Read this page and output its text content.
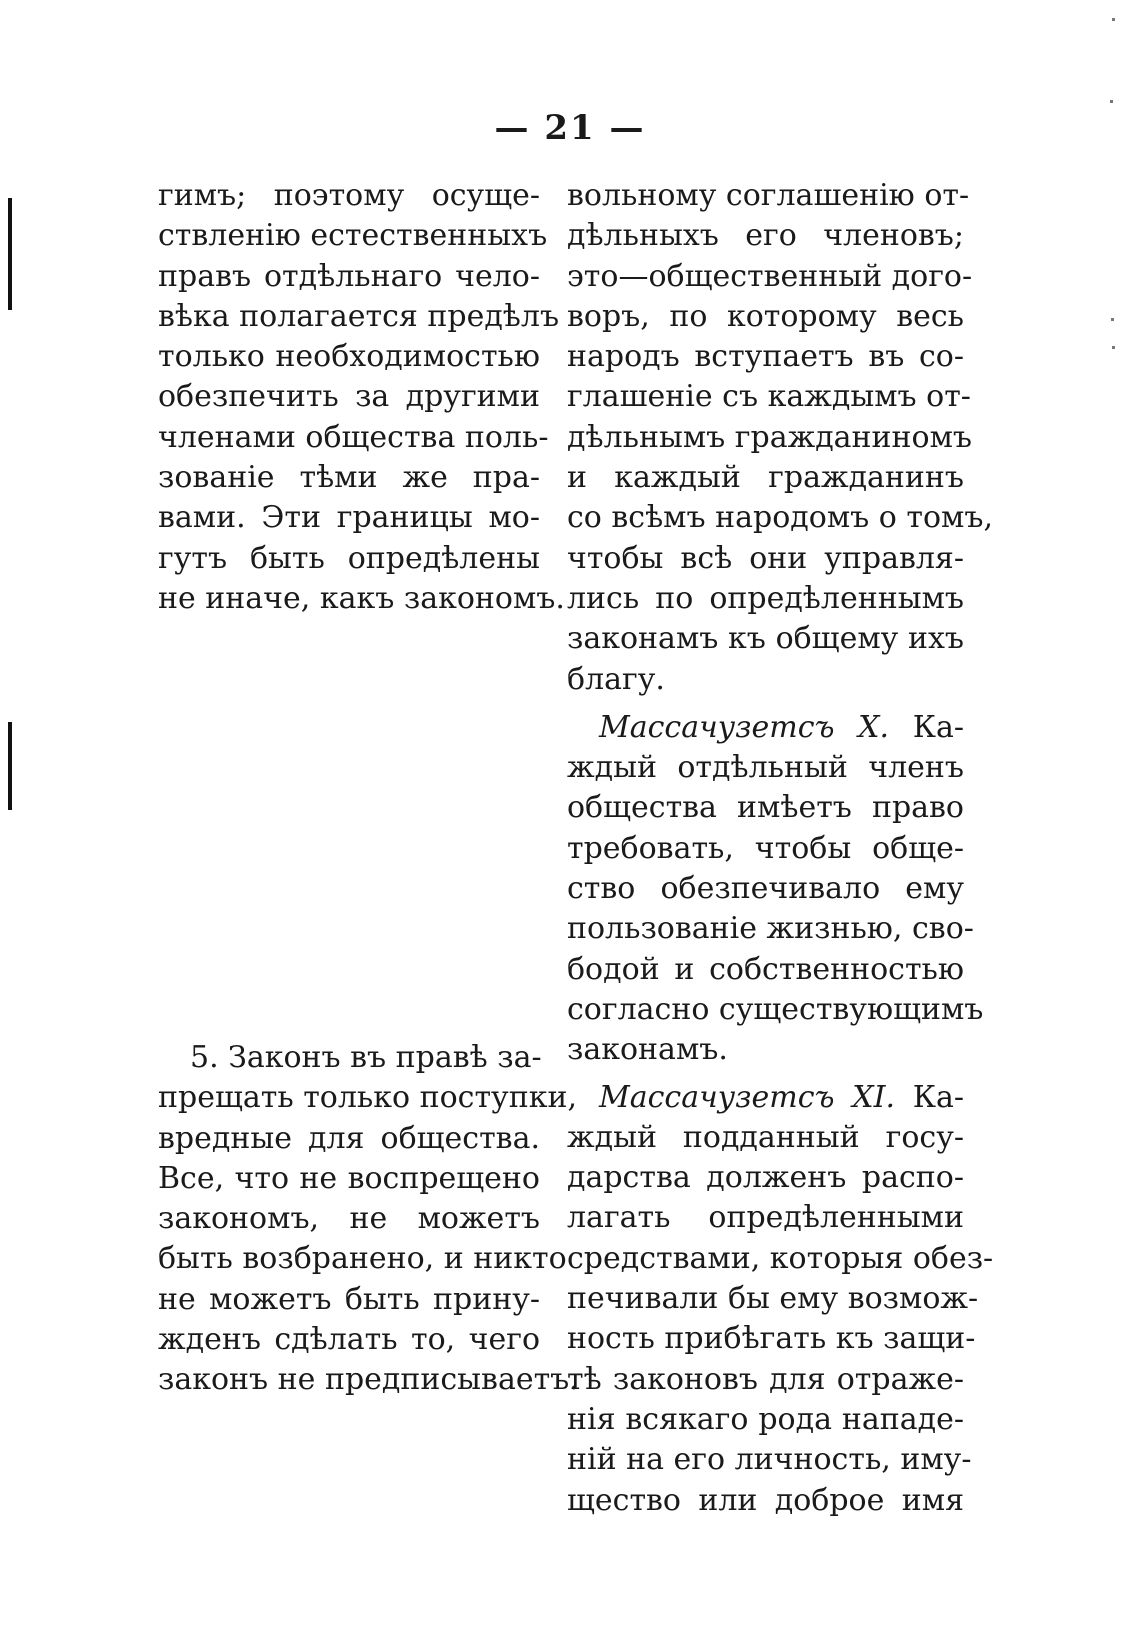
— 21 —
гимъ; поэтому осуще-
ствленію естественныхъ
правъ отдѣльнаго чело-
вѣка полагается предѣлъ
только необходимостью
обезпечить за другими
членами общества поль-
зованіе тѣми же пра-
вами. Эти границы мо-
гутъ быть опредѣлены
не иначе, какъ закономъ.
5. Законъ въ правѣ за-
прещать только поступки,
вредные для общества.
Все, что не воспрещено
закономъ, не можетъ
быть возбранено, и никто
не можетъ быть прину-
жденъ сдѣлать то, чего
законъ не предписываетъ.
вольному соглашенію от-
дѣльныхъ его членовъ;
это—общественный дого-
воръ, по которому весь
народъ вступаетъ въ со-
глашеніе съ каждымъ от-
дѣльнымъ гражданиномъ
и каждый гражданинъ
со всѣмъ народомъ о томъ,
чтобы всѣ они управля-
лись по опредѣленнымъ
законамъ къ общему ихъ
благу.
Массачузетсъ X. Ка-
ждый отдѣльный членъ
общества имѣетъ право
требовать, чтобы обще-
ство обезпечивало ему
пользованіе жизнью, сво-
бодой и собственностью
согласно существующимъ
законамъ.
Массачузетсъ XI. Ка-
ждый подданный госу-
дарства долженъ распо-
лагать опредѣленными
средствами, которыя обез-
печивали бы ему возмож-
ность прибѣгать къ защи-
тѣ законовъ для отраже-
нія всякаго рода нападе-
ній на его личность, иму-
щество или доброе имя
